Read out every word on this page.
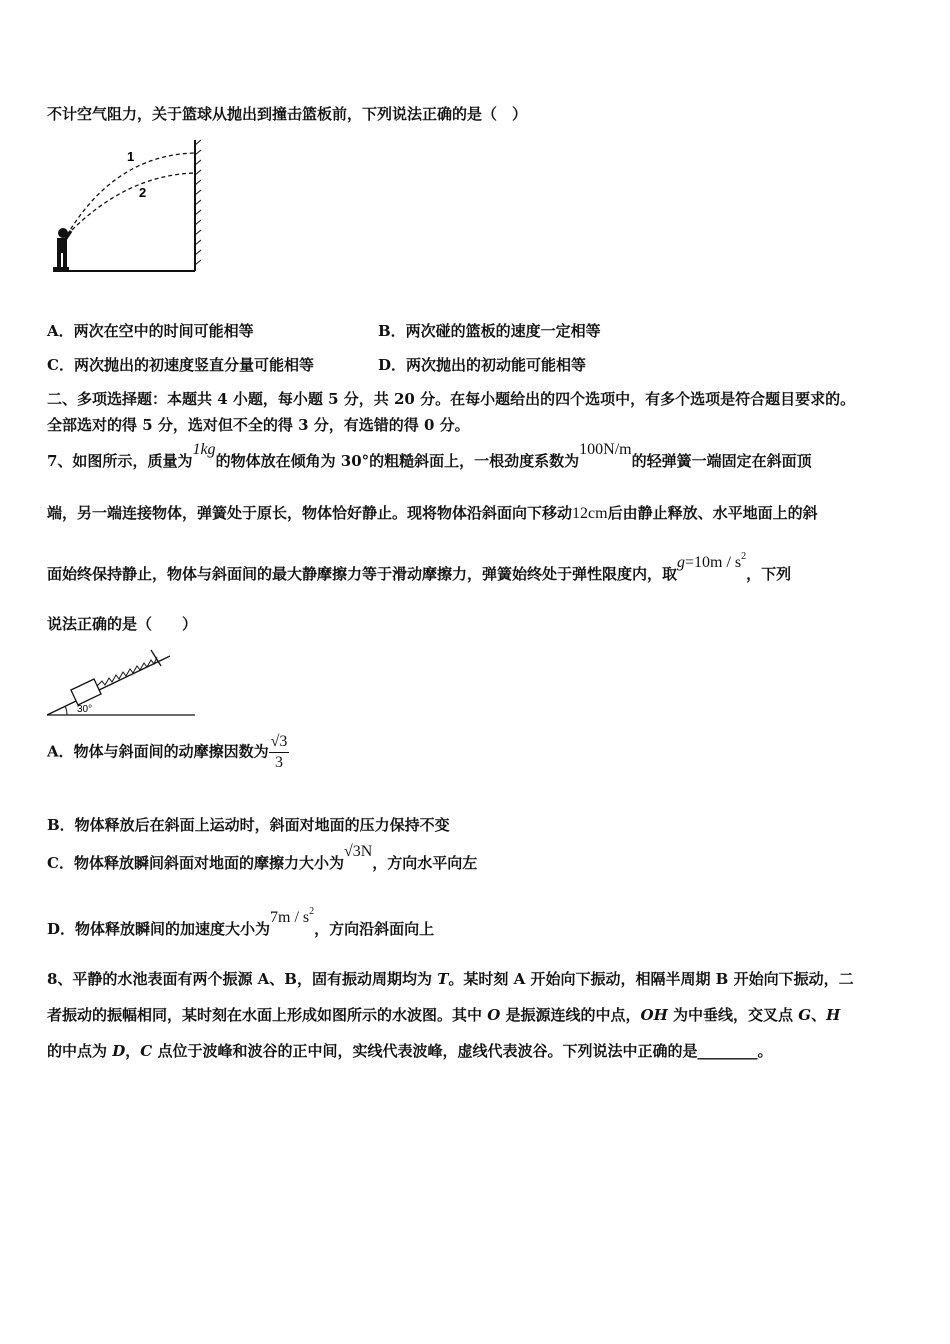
不计空气阻力，关于篮球从抛出到撞击篮板前，下列说法正确的是（　）
1
2
A．两次在空中的时间可能相等	B．两次碰的篮板的速度一定相等
C．两次抛出的初速度竖直分量可能相等	D．两次抛出的初动能可能相等
二、多项选择题：本题共 4 小题，每小题 5 分，共 20 分。在每小题给出的四个选项中，有多个选项是符合题目要求的。
全部选对的得 5 分，选对但不全的得 3 分，有选错的得 0 分。
7、如图所示，质量为1kg的物体放在倾角为 30°的粗糙斜面上，一根劲度系数为100N/m的轻弹簧一端固定在斜面顶
端，另一端连接物体，弹簧处于原长，物体恰好静止。现将物体沿斜面向下移动12cm后由静止释放、水平地面上的斜
面始终保持静止，物体与斜面间的最大静摩擦力等于滑动摩擦力，弹簧始终处于弹性限度内，取$g=10m / s^2$，下列
说法正确的是（　　）
30°
A．物体与斜面间的动摩擦因数为 $\frac{√3}{3}$
B．物体释放后在斜面上运动时，斜面对地面的压力保持不变
C．物体释放瞬间斜面对地面的摩擦力大小为√3N，方向水平向左
D．物体释放瞬间的加速度大小为$7m / s^2$，方向沿斜面向上
8、平静的水池表面有两个振源 A、B，固有振动周期均为 T。某时刻 A 开始向下振动，相隔半周期 B 开始向下振动，二
者振动的振幅相同，某时刻在水面上形成如图所示的水波图。其中 O 是振源连线的中点，OH 为中垂线，交叉点 G、H
的中点为 D，C 点位于波峰和波谷的正中间，实线代表波峰，虚线代表波谷。下列说法中正确的是________。
